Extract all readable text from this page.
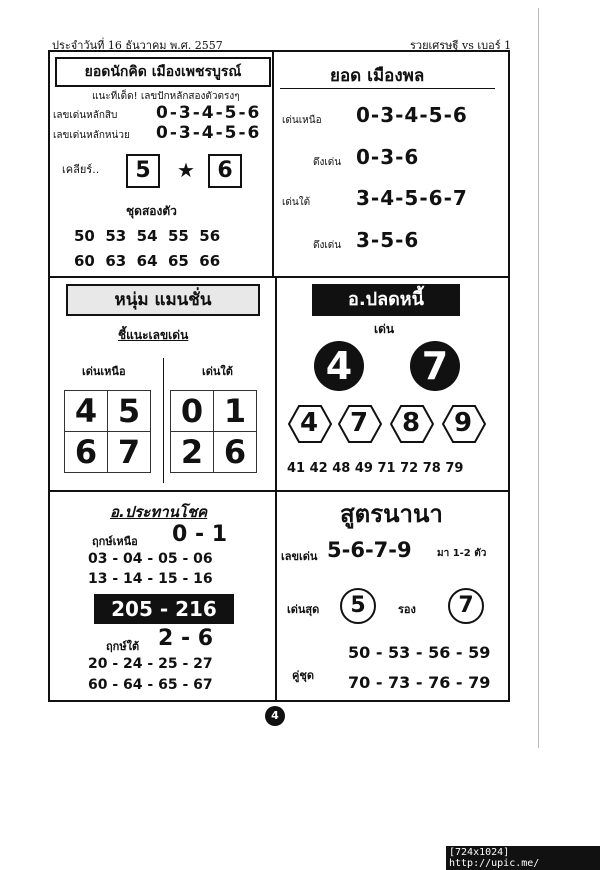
ประจำวันที่ 16 ธันวาคม พ.ศ. 2557	รวยเศรษฐี vs เบอร์ 1
ยอดนักคิด เมืองเพชรบูรณ์
แนะทีเด็ด! เลขปักหลักสองตัวตรงๆ
เลขเด่นหลักสิบ 0-3-4-5-6
เลขเด่นหลักหน่วย 0-3-4-5-6
เคลียร์..	5	★	6
ชุดสองตัว
50  53  54  55  56
60  63  64  65  66
ยอด เมืองพล
เด่นเหนือ 0-3-4-5-6
ดึงเด่น 0-3-6
เด่นใต้ 3-4-5-6-7
ดึงเด่น 3-5-6
หนุ่ม แมนชั่น
ชี้แนะเลขเด่น
เด่นเหนือ	เด่นใต้
4	5
6	7
0	1
2	6
อ.ปลดหนี้
เด่น
4	7
4 7 8 9
41 42 48 49 71 72 78 79
อ.ประทานโชค
ฤกษ์เหนือ 0 - 1
03 - 04 - 05 - 06
13 - 14 - 15 - 16
205 - 216
ฤกษ์ใต้ 2 - 6
20 - 24 - 25 - 27
60 - 64 - 65 - 67
สูตรนานา
เลขเด่น 5-6-7-9	มา 1-2 ตัว
เด่นสุด	5	รอง	7
คู่ชุด
50 - 53 - 56 - 59
70 - 73 - 76 - 79
4
[724x1024] http://upic.me/
